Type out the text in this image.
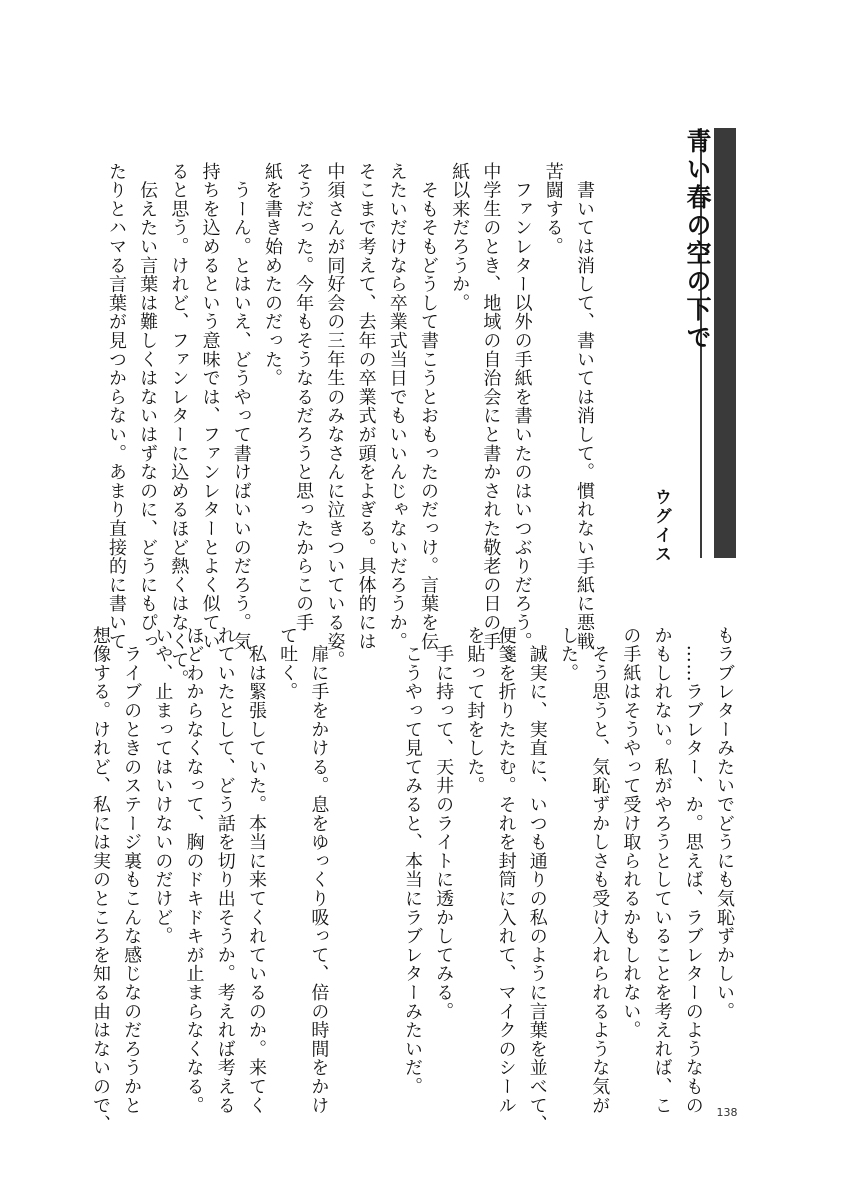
青い春の空の下で
ウグイス

　書いては消して、書いては消して。慣れない手紙に悪戦

苦闘する。

　ファンレター以外の手紙を書いたのはいつぶりだろう。

中学生のとき、地域の自治会にと書かされた敬老の日の手

紙以来だろうか。

　そもそもどうして書こうとおもったのだっけ。言葉を伝

えたいだけなら卒業式当日でもいいんじゃないだろうか。

そこまで考えて、去年の卒業式が頭をよぎる。具体的には

中須さんが同好会の三年生のみなさんに泣きついている姿。

そうだった。今年もそうなるだろうと思ったからこの手

紙を書き始めたのだった。

　うーん。とはいえ、どうやって書けばいいのだろう。気

持ちを込めるという意味では、ファンレターとよく似てい

ると思う。けれど、ファンレターに込めるほど熱くはなくて。

　伝えたい言葉は難しくはないはずなのに、どうにもぴっ

たりとハマる言葉が見つからない。あまり直接的に書いて

もラブレターみたいでどうにも気恥ずかしい。

　……ラブレター、か。思えば、ラブレターのようなもの

かもしれない。私がやろうとしていることを考えれば、こ

の手紙はそうやって受け取られるかもしれない。

　そう思うと、気恥ずかしさも受け入れられるような気が

した。

　誠実に、実直に、いつも通りの私のように言葉を並べて、

便箋を折りたたむ。それを封筒に入れて、マイクのシール

を貼って封をした。

　手に持って、天井のライトに透かしてみる。

　こうやって見てみると、本当にラブレターみたいだ。

　扉に手をかける。息をゆっくり吸って、倍の時間をかけ

て吐く。

　私は緊張していた。本当に来てくれているのか。来てく

れていたとして、どう話を切り出そうか。考えれば考える

ほどわからなくなって、胸のドキドキが止まらなくなる。

いや、止まってはいけないのだけど。

　ライブのときのステージ裏もこんな感じなのだろうかと

想像する。けれど、私には実のところを知る由はないので、	138
